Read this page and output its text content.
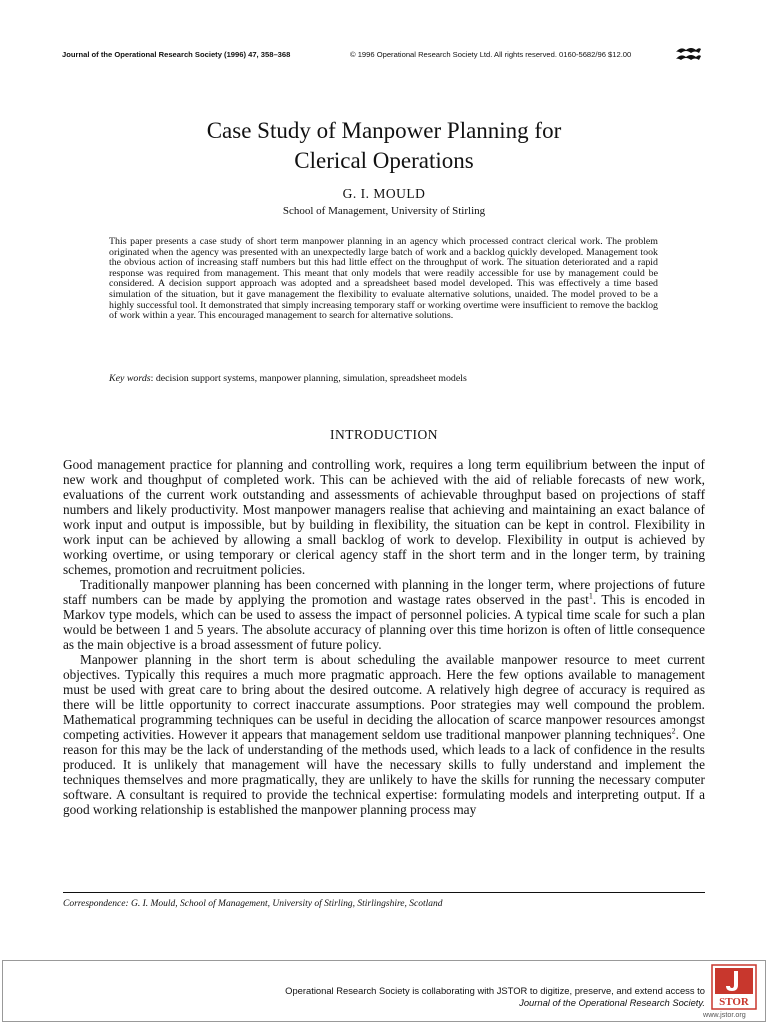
Journal of the Operational Research Society (1996) 47, 358–368	© 1996 Operational Research Society Ltd. All rights reserved. 0160-5682/96 $12.00
Case Study of Manpower Planning for
Clerical Operations
G. I. MOULD
School of Management, University of Stirling
This paper presents a case study of short term manpower planning in an agency which processed contract clerical work. The problem originated when the agency was presented with an unexpectedly large batch of work and a backlog quickly developed. Management took the obvious action of increasing staff numbers but this had little effect on the throughput of work. The situation deteriorated and a rapid response was required from management. This meant that only models that were readily accessible for use by management could be considered. A decision support approach was adopted and a spreadsheet based model developed. This was effectively a time based simulation of the situation, but it gave management the flexibility to evaluate alternative solutions, unaided. The model proved to be a highly successful tool. It demonstrated that simply increasing temporary staff or working overtime were insufficient to remove the backlog of work within a year. This encouraged management to search for alternative solutions.
Key words: decision support systems, manpower planning, simulation, spreadsheet models
INTRODUCTION

Good management practice for planning and controlling work, requires a long term equilibrium between the input of new work and thoughput of completed work. This can be achieved with the aid of reliable forecasts of new work, evaluations of the current work outstanding and assessments of achievable throughput based on projections of staff numbers and likely productivity. Most manpower managers realise that achieving and maintaining an exact balance of work input and output is impossible, but by building in flexibility, the situation can be kept in control. Flexibility in work input can be achieved by allowing a small backlog of work to develop. Flexibility in output is achieved by working overtime, or using temporary or clerical agency staff in the short term and in the longer term, by training schemes, promotion and recruitment policies.

Traditionally manpower planning has been concerned with planning in the longer term, where projections of future staff numbers can be made by applying the promotion and wastage rates observed in the past$^1$. This is encoded in Markov type models, which can be used to assess the impact of personnel policies. A typical time scale for such a plan would be between 1 and 5 years. The absolute accuracy of planning over this time horizon is often of little consequence as the main objective is a broad assessment of future policy.

Manpower planning in the short term is about scheduling the available manpower resource to meet current objectives. Typically this requires a much more pragmatic approach. Here the few options available to management must be used with great care to bring about the desired outcome. A relatively high degree of accuracy is required as there will be little opportunity to correct inaccurate assumptions. Poor strategies may well compound the problem. Mathematical programming techniques can be useful in deciding the allocation of scarce manpower resources amongst competing activities. However it appears that management seldom use traditional manpower planning techniques$^2$. One reason for this may be the lack of understanding of the methods used, which leads to a lack of confidence in the results produced. It is unlikely that management will have the necessary skills to fully understand and implement the techniques themselves and more pragmatically, they are unlikely to have the skills for running the necessary computer software. A consultant is required to provide the technical expertise: formulating models and interpreting output. If a good working relationship is established the manpower planning process may

Correspondence: G. I. Mould, School of Management, University of Stirling, Stirlingshire, Scotland
Operational Research Society is collaborating with JSTOR to digitize, preserve, and extend access to
Journal of the Operational Research Society. STOR
www.jstor.org
